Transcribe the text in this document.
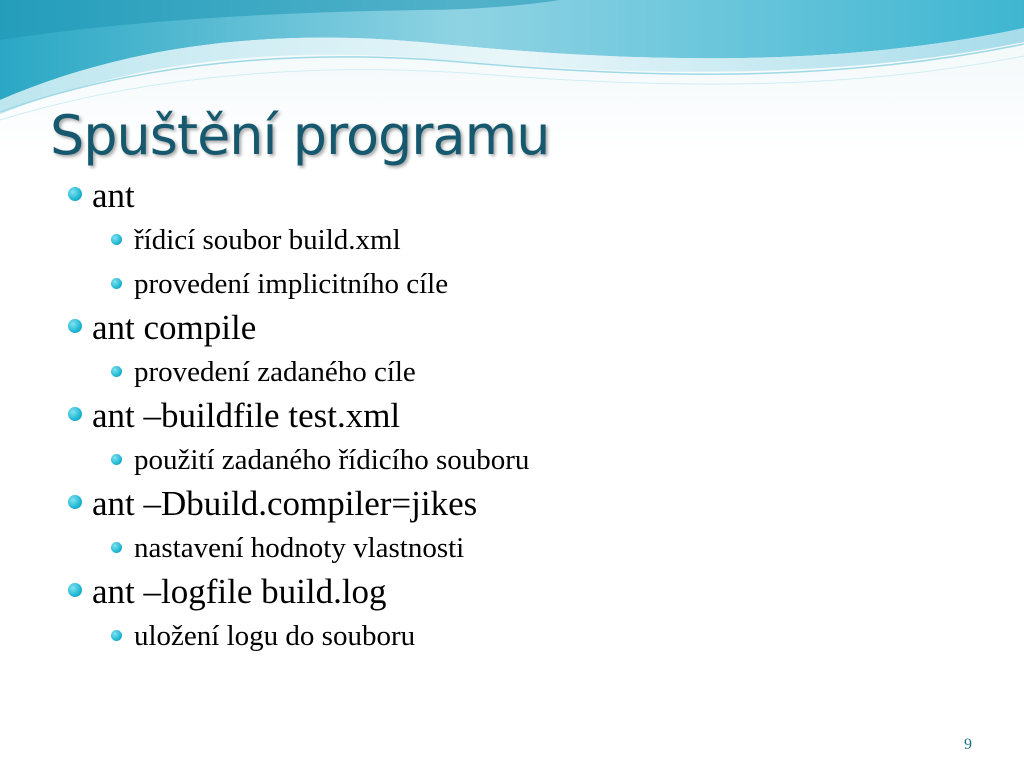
Spuštění programu
ant
řídicí soubor build.xml
provedení implicitního cíle
ant compile
provedení zadaného cíle
ant –buildfile test.xml
použití zadaného řídicího souboru
ant –Dbuild.compiler=jikes
nastavení hodnoty vlastnosti
ant –logfile build.log
uložení logu do souboru
9
